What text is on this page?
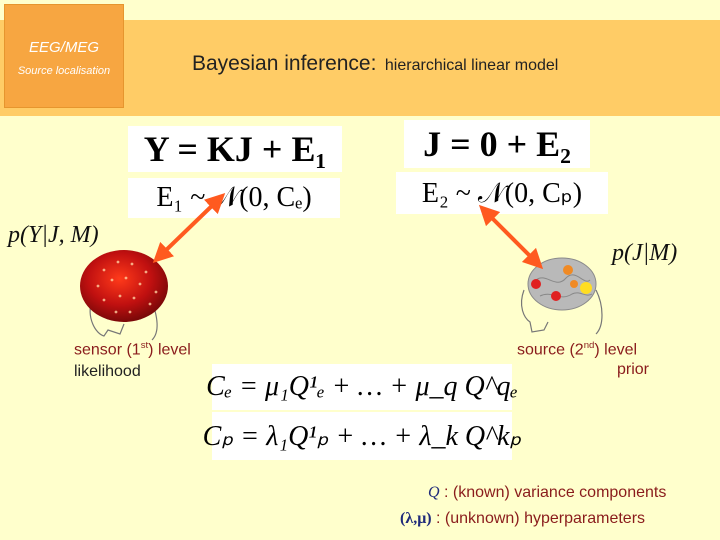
EEG/MEG
Source localisation	Bayesian inference: hierarchical linear model
Y = KJ + E₁
E₁ ~ 𝒩(0, Cₑ)
J = 0 + E₂
E₂ ~ 𝒩(0, Cₚ)
p(Y|J, M)
p(J|M)
Cₑ = μ₁Q¹ₑ + … + μ_q Q^qₑ
Cₚ = λ₁Q¹ₚ + … + λ_k Q^kₚ
sensor (1st) level
likelihood
source (2nd) level
prior
Q : (known) variance components
(λ,μ) : (unknown) hyperparameters
